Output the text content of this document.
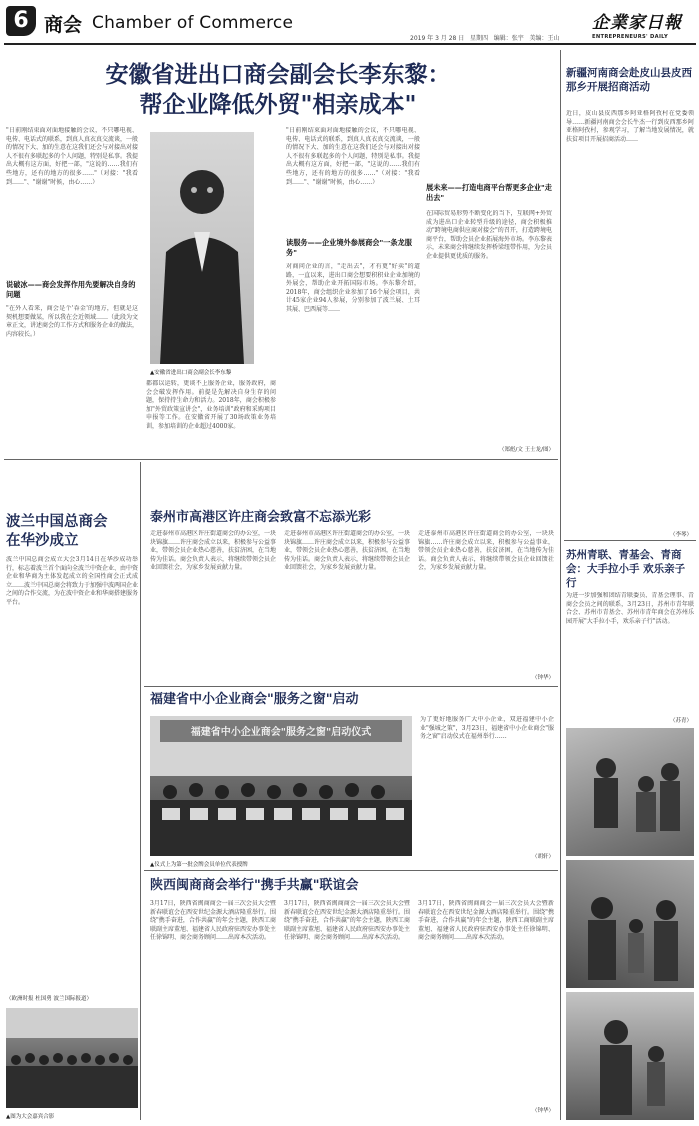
6 商会 Chamber of Commerce
2019 年 3 月 28 日 星期四 编辑：张宇 美编：王山
企業家日報
ENTREPRENEURS' DAILY
安徽省进出口商会副会长李东黎：
帮企业降低外贸"相亲成本"
"日前刚结束面对面地接触的会议，不只哪电视、电传、电话式的联系，到真人真衣真交流谈，一般的情况下大、加的生意在这我们还会与对接出对接人不很有多联起多的个人问题，特别是私事。我提出大概有这方面，好把一部，"这说的……我们有些地方，还有的地方的很多……"（对接："我看到……"、"谢谢"时候，由心……）
说破冰——商会发挥作用先要解决自身的问题
"在外人看来，商会是个'吞金'的地方，但就是这契机想要做某，所以我在会近领域……（此段为文章正文，讲述商会的工作方式和服务企业的做法，内容较长。）
▲安徽省进出口商会副会长李东黎
都都以运转，更谈不上服务企业，服务政府，商会会破发挥作用。前提是先解决自身生存的问题，保持持生命力和活力。2018年，商会积极参加"外贸政策宣讲会"，业务培训"政府和采购项目申报等工作。在安徽省开展了30场政策业务培训，参加培训的企业超过4000家。
"日前刚结束面对面地接触的会议，不只哪电视、电传、电话式的联系，到真人真衣真交流谈，一般的情况下大、加的生意在这我们还会与对接出对接人不很有多联起多的个人问题，特别是私事。我提出大概有这方面，好把一部，"这说的……我们有些地方，还有的地方的很多……"（对接："我看到……"、"谢谢"时候，由心……）
读服务——企业境外参展商会"一条龙服务"
对商问企业的言，"走出去"，才有更"好卖"的道路，一直以来，进出口商会想要积积业企业加境的外展会，帮助企业开拓国际市场。李东黎介绍，2018年，商会组织企业参加了16个展会项目，共计45家企业94人参展，分别参加了波兰展、土耳其展、巴西展等……
展未来——打造电商平台帮更多企业"走出去"
在国际贸易形势不断变化的当下，互联网+外贸成为进出口企业转型升级的途径，商会积极推动"跨境电商供应商对接会"的召开，打造跨境电商平台，帮助会员企业拓展海外市场。李东黎表示，未来商会将继续发挥桥梁纽带作用，为会员企业提供更优质的服务。
（郑彪/文 王士龙/图）
新疆河南商会赴皮山县皮西那乡开展招商活动
近日，皮山县皮西那乡阿亚格阿孜村在党委领导……新疆河南商会会长牛杰一行到皮西那乡阿亚格阿孜村，参观学习，了解当地发展情况，就扶贫项目开展招商活动……
（李琴）
苏州青联、青基会、青商会：大手拉小手 欢乐亲子行
为进一步加强和团结青联委员、青基会理事、青商会会员之间的联系，3月23日，苏州市青年联合会、苏州市青基会、苏州市青年商会在苏州乐园开展"大手拉小手，欢乐亲子行"活动。
（苏青）
波兰中国总商会
在华沙成立
波兰中国总商会成立大会3月14日在华沙成功举行，标志着波兰首个面向全波兰中资企业、由中资企业和华商为主体发起成立的全国性商会正式成立……波兰中国总商会将致力于加强中波两国企业之间的合作交流，为在波中资企业和华商搭建服务平台。
（欧洲时报 杜国勇 波兰国际报道）
▲图为大会嘉宾合影
泰州市高港区许庄商会致富不忘添光彩
走进泰州市高港区许庄街道商会的办公室，一块块锦旗……许庄商会成立以来，积极参与公益事业，带领会员企业热心慈善，扶贫济困，在当地传为佳话。商会负责人表示，将继续带领会员企业回馈社会，为家乡发展贡献力量。
走进泰州市高港区许庄街道商会的办公室，一块块锦旗……许庄商会成立以来，积极参与公益事业，带领会员企业热心慈善，扶贫济困，在当地传为佳话。商会负责人表示，将继续带领会员企业回馈社会，为家乡发展贡献力量。
走进泰州市高港区许庄街道商会的办公室，一块块锦旗……许庄商会成立以来，积极参与公益事业，带领会员企业热心慈善，扶贫济困，在当地传为佳话。商会负责人表示，将继续带领会员企业回馈社会，为家乡发展贡献力量。
（钟华）
福建省中小企业商会"服务之窗"启动
福建省中小企业商会"服务之窗"启动仪式
▲仪式上为第一批会牌会员单位代表授牌
为了更好地服务广大中小企业，双进福建中小企业"强城之策"，3月23日，福建省中小企业商会"服务之窗"启动仪式在福州举行……
（胡轩）
陕西闽商商会举行"携手共赢"联谊会
3月17日，陕西省闽商商会一届三次会员大会暨新春联谊会在西安世纪金源大酒店隆重举行。围绕"携手奋进，合作共赢"的年会主题，陕西工商联副主席董旭、福建省人民政府驻西安办事处主任徐锦明、商会商务顾问……出席本次活动。
3月17日，陕西省闽商商会一届三次会员大会暨新春联谊会在西安世纪金源大酒店隆重举行。围绕"携手奋进，合作共赢"的年会主题，陕西工商联副主席董旭、福建省人民政府驻西安办事处主任徐锦明、商会商务顾问……出席本次活动。
3月17日，陕西省闽商商会一届三次会员大会暨新春联谊会在西安世纪金源大酒店隆重举行。围绕"携手奋进，合作共赢"的年会主题，陕西工商联副主席董旭、福建省人民政府驻西安办事处主任徐锦明、商会商务顾问……出席本次活动。
（钟华）
